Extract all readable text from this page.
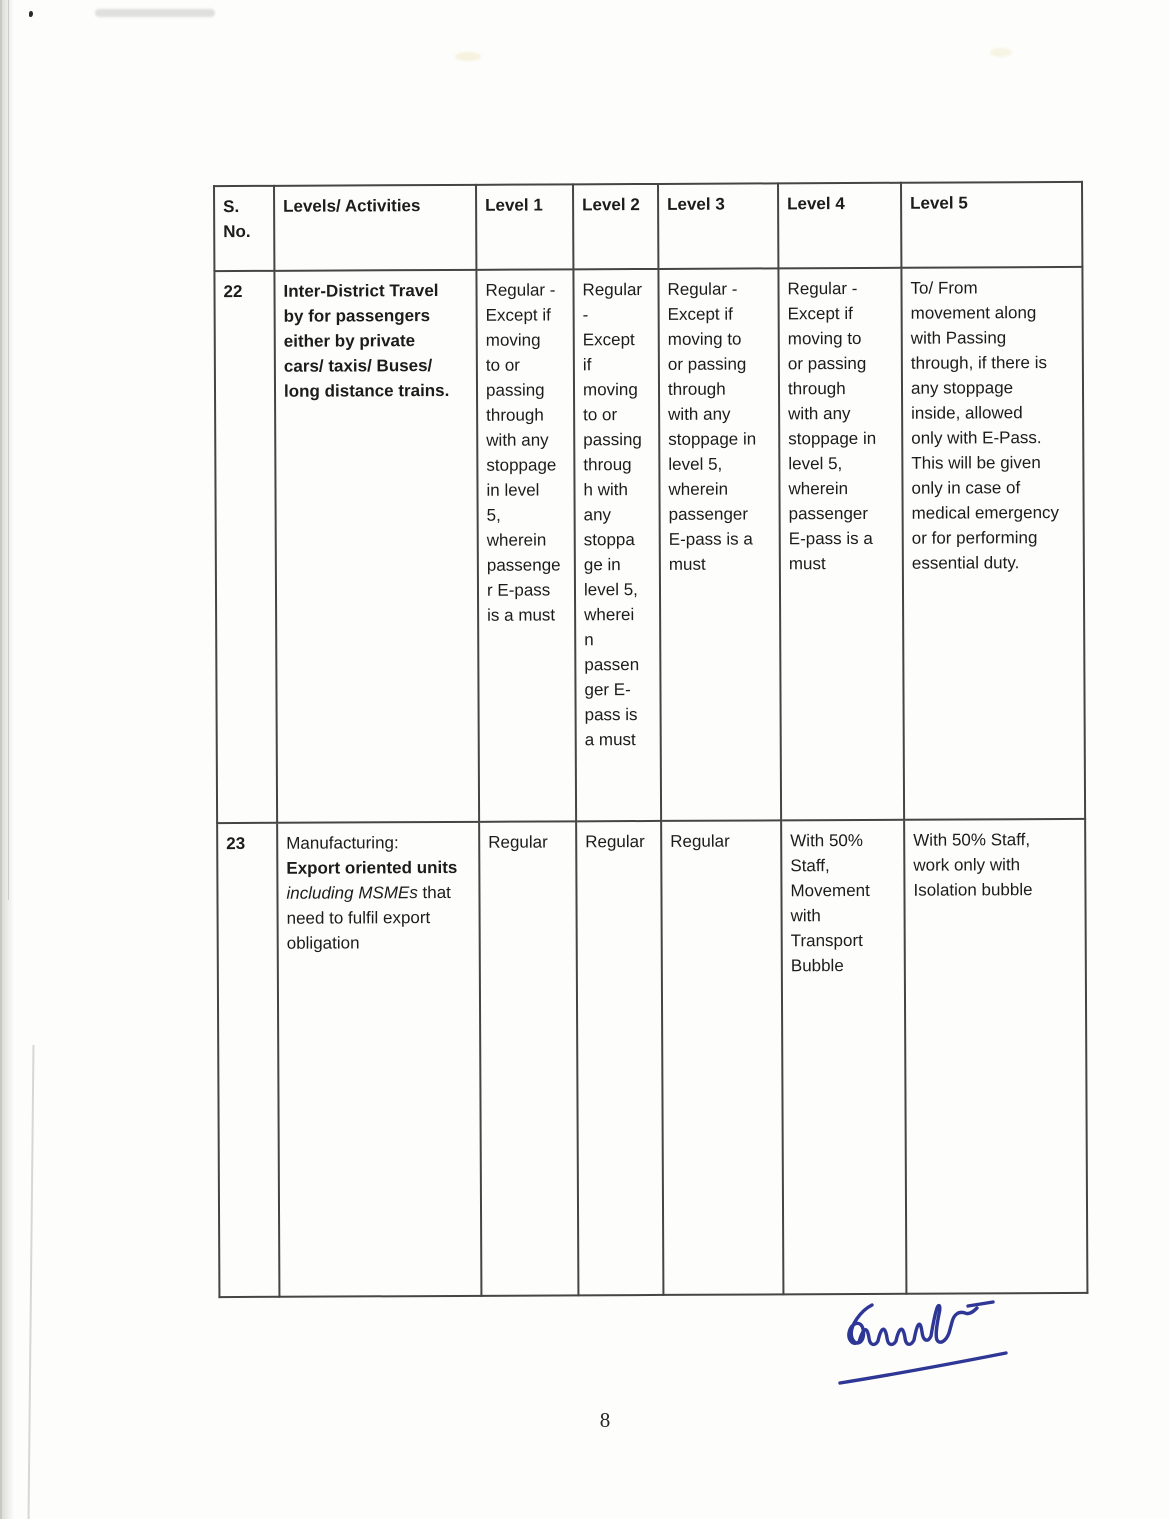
S.
No.	Levels/ Activities	Level 1	Level 2	Level 3	Level 4	Level 5
22	Inter-District Travel
by for passengers
either by private
cars/ taxis/ Buses/
long distance trains.	Regular -
Except if
moving
to or
passing
through
with any
stoppage
in level
5,
wherein
passenge
r E-pass
is a must	Regular
-
Except
if
moving
to or
passing
throug
h with
any
stoppa
ge in
level 5,
wherei
n
passen
ger E-
pass is
a must	Regular -
Except if
moving to
or passing
through
with any
stoppage in
level 5,
wherein
passenger
E-pass is a
must	Regular -
Except if
moving to
or passing
through
with any
stoppage in
level 5,
wherein
passenger
E-pass is a
must	To/ From
movement along
with Passing
through, if there is
any stoppage
inside, allowed
only with E-Pass.
This will be given
only in case of
medical emergency
or for performing
essential duty.
23	Manufacturing:
Export oriented units
including MSMEs that need to fulfil export obligation	Regular	Regular	Regular	With 50%
Staff,
Movement
with
Transport
Bubble	With 50% Staff,
work only with
Isolation bubble
8
